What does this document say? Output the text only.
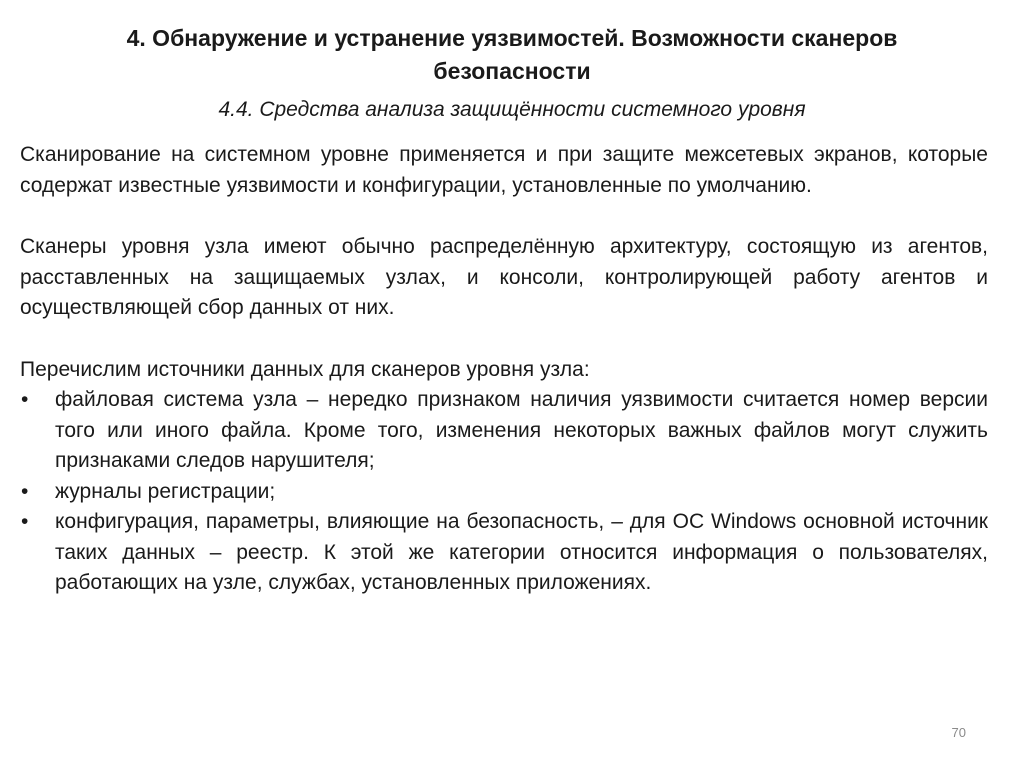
4. Обнаружение и устранение уязвимостей. Возможности сканеров безопасности
4.4. Средства анализа защищённости системного уровня

Сканирование на системном уровне применяется и при защите межсетевых экранов, которые содержат известные уязвимости и конфигурации, установленные по умолчанию.

Сканеры уровня узла имеют обычно распределённую архитектуру, состоящую из агентов, расставленных на защищаемых узлах, и консоли, контролирующей работу агентов и осуществляющей сбор данных от них.

Перечислим источники данных для сканеров уровня узла:

• файловая система узла – нередко признаком наличия уязвимости считается номер версии того или иного файла. Кроме того, изменения некоторых важных файлов могут служить признаками следов нарушителя;
• журналы регистрации;
• конфигурация, параметры, влияющие на безопасность, – для ОС Windows основной источник таких данных – реестр. К этой же категории относится информация о пользователях, работающих на узле, службах, установленных приложениях.
70
